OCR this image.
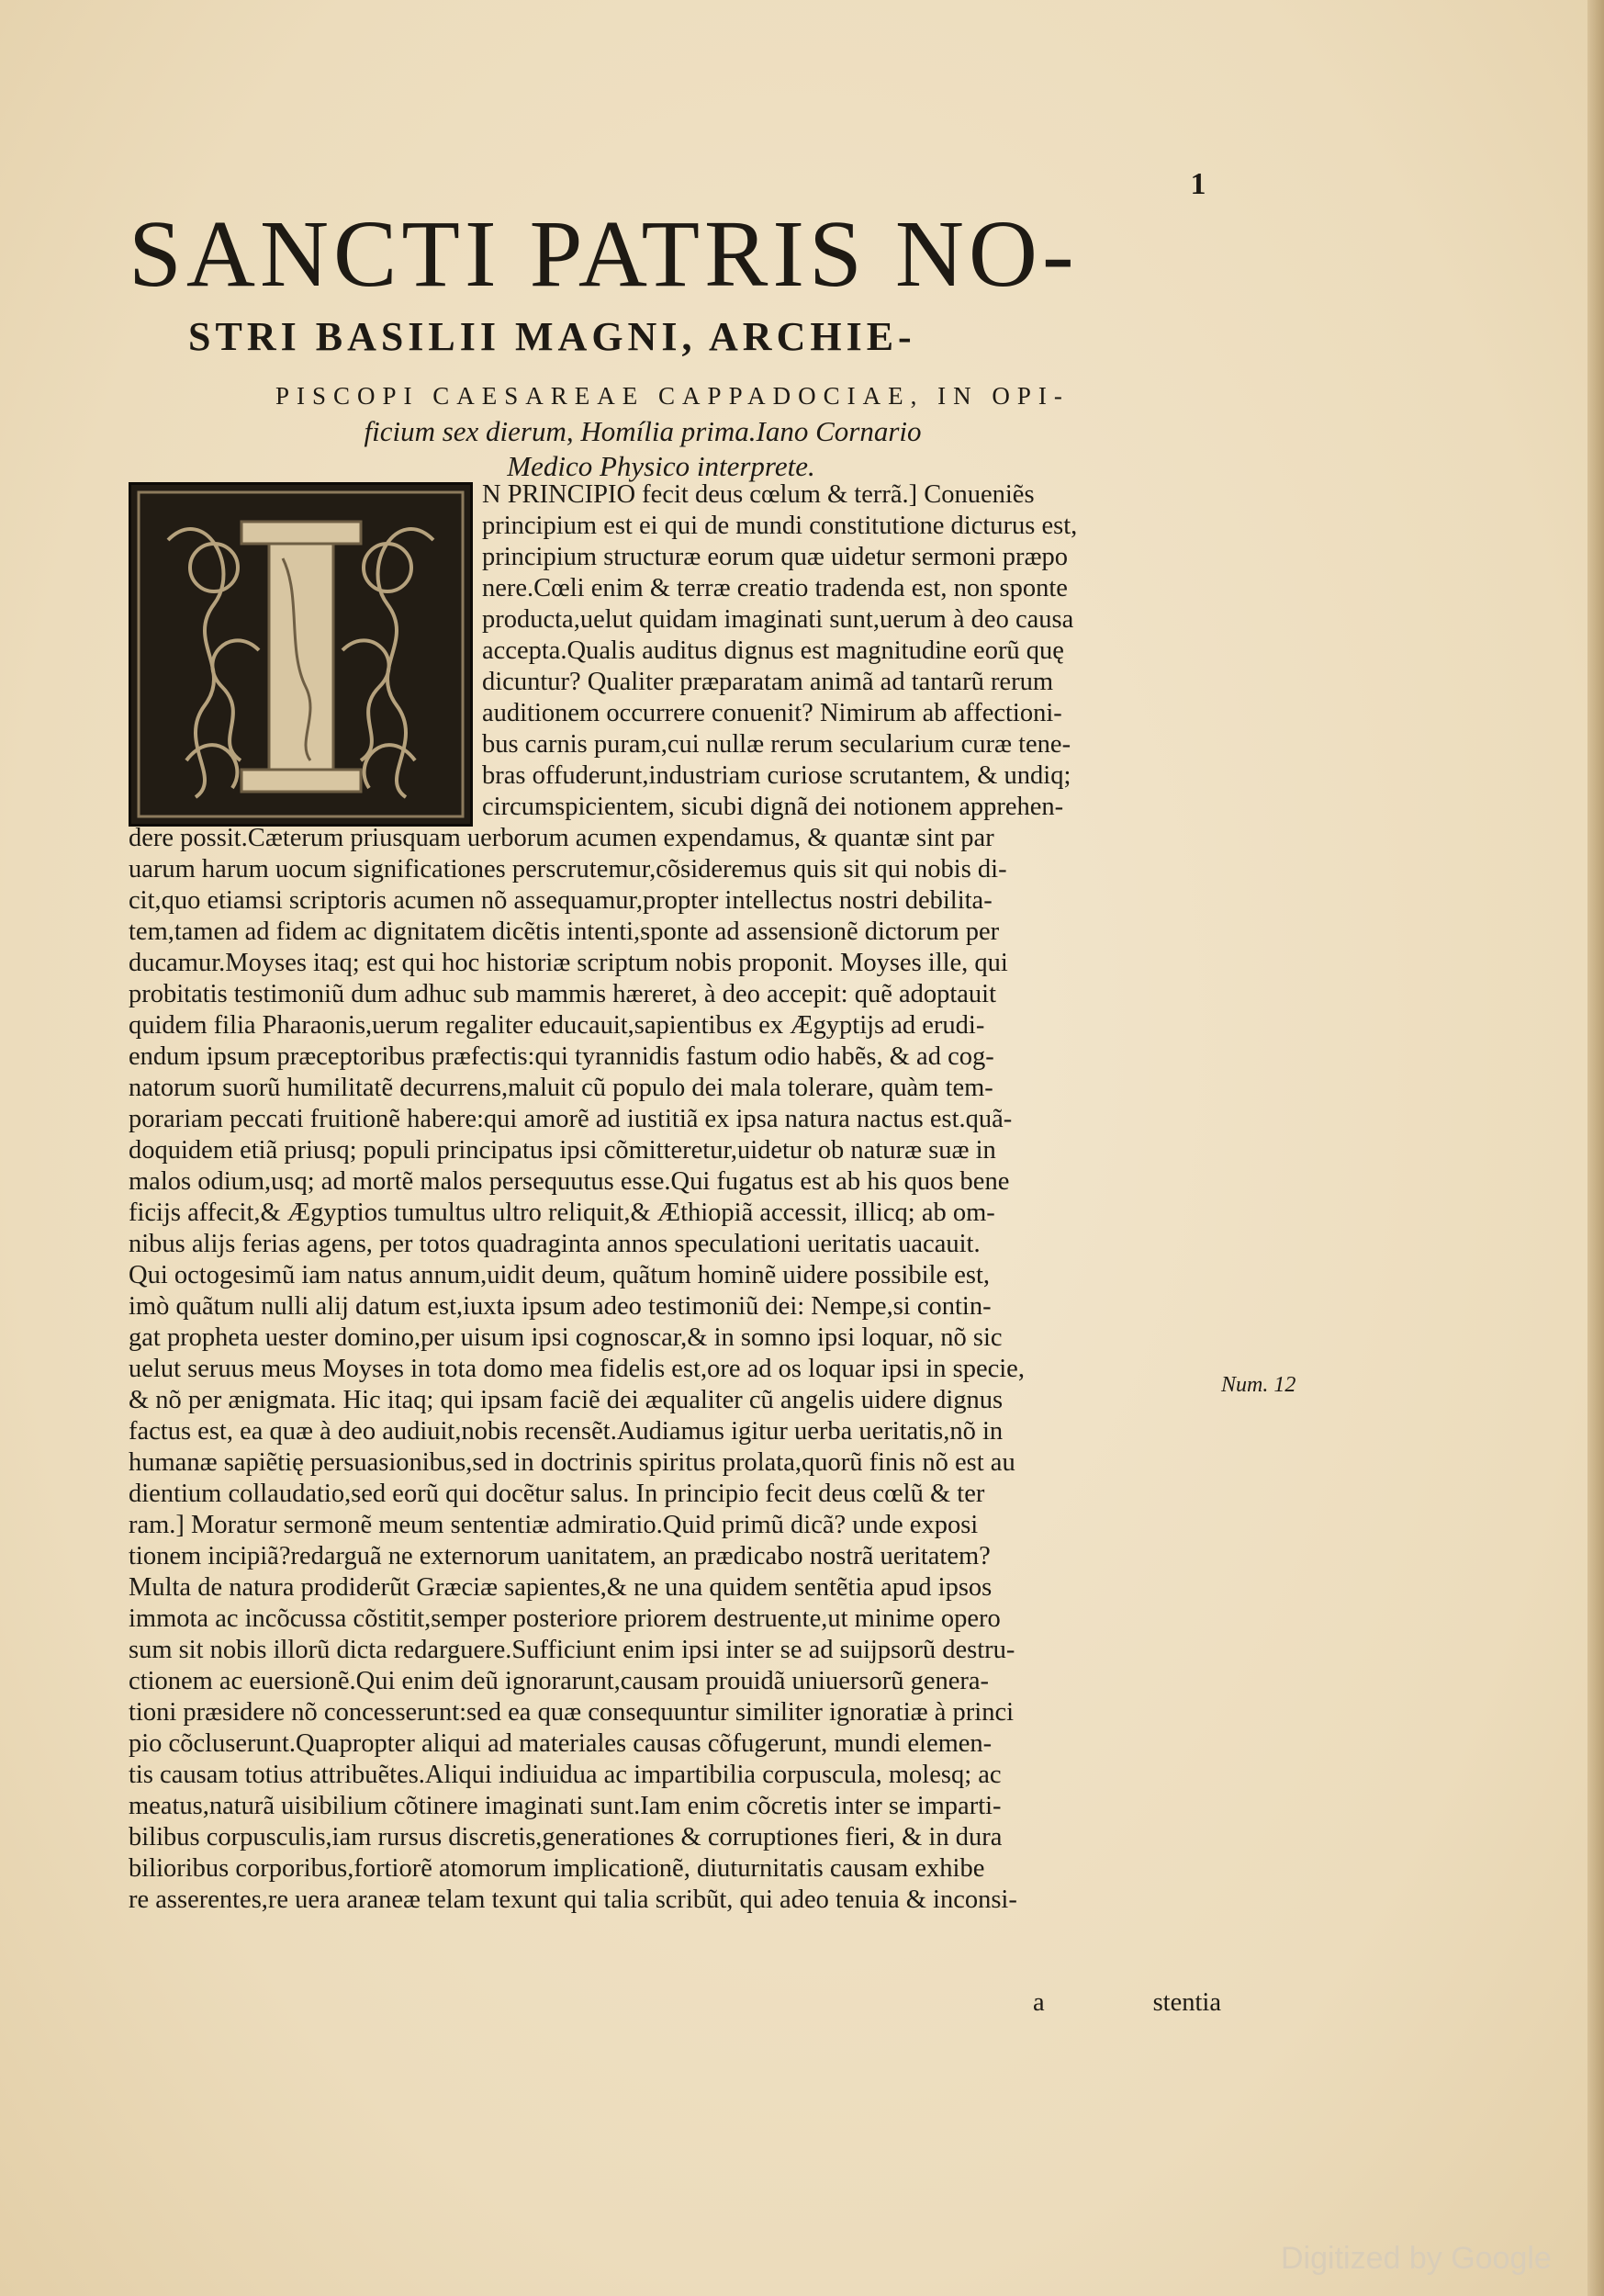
1
SANCTI PATRIS NO-
STRI BASILII MAGNI, ARCHIE-
PISCOPI CAESAREAE CAPPADOCIAE, IN OPI-
ficium sex dierum, Homília prima.Iano Cornario
Medico Physico interprete.
N PRINCIPIO fecit deus cœlum & terrã.] Conueniẽs
principium est ei qui de mundi constitutione dicturus est,
principium structuræ eorum quæ uidetur sermoni præpo
nere.Cœli enim & terræ creatio tradenda est, non sponte
producta,uelut quidam imaginati sunt,uerum à deo causa
accepta.Qualis auditus dignus est magnitudine eorũ quę
dicuntur? Qualiter præparatam animã ad tantarũ rerum
auditionem occurrere conuenit? Nimirum ab affectioni-
bus carnis puram,cui nullæ rerum secularium curæ tene-
bras offuderunt,industriam curiose scrutantem, & undiq;
circumspicientem, sicubi dignã dei notionem apprehen-
dere possit.Cæterum priusquam uerborum acumen expendamus, & quantæ sint par
uarum harum uocum significationes perscrutemur,cõsideremus quis sit qui nobis di-
cit,quo etiamsi scriptoris acumen nõ assequamur,propter intellectus nostri debilita-
tem,tamen ad fidem ac dignitatem dicẽtis intenti,sponte ad assensionẽ dictorum per
ducamur.Moyses itaq; est qui hoc historiæ scriptum nobis proponit. Moyses ille, qui
probitatis testimoniũ dum adhuc sub mammis hæreret, à deo accepit: quẽ adoptauit
quidem filia Pharaonis,uerum regaliter educauit,sapientibus ex Ægyptijs ad erudi-
endum ipsum præceptoribus præfectis:qui tyrannidis fastum odio habẽs, & ad cog-
natorum suorũ humilitatẽ decurrens,maluit cũ populo dei mala tolerare, quàm tem-
porariam peccati fruitionẽ habere:qui amorẽ ad iustitiã ex ipsa natura nactus est.quã-
doquidem etiã priusq; populi principatus ipsi cõmitteretur,uidetur ob naturæ suæ in
malos odium,usq; ad mortẽ malos persequutus esse.Qui fugatus est ab his quos bene
ficijs affecit,& Ægyptios tumultus ultro reliquit,& Æthiopiã accessit, illicq; ab om-
nibus alijs ferias agens, per totos quadraginta annos speculationi ueritatis uacauit.
Qui octogesimũ iam natus annum,uidit deum, quãtum hominẽ uidere possibile est,
imò quãtum nulli alij datum est,iuxta ipsum adeo testimoniũ dei: Nempe,si contin-
gat propheta uester domino,per uisum ipsi cognoscar,& in somno ipsi loquar, nõ sic
uelut seruus meus Moyses in tota domo mea fidelis est,ore ad os loquar ipsi in specie,
& nõ per ænigmata. Hic itaq; qui ipsam faciẽ dei æqualiter cũ angelis uidere dignus
factus est, ea quæ à deo audiuit,nobis recensẽt.Audiamus igitur uerba ueritatis,nõ in
humanæ sapiẽtię persuasionibus,sed in doctrinis spiritus prolata,quorũ finis nõ est au
dientium collaudatio,sed eorũ qui docẽtur salus. In principio fecit deus cœlũ & ter
ram.] Moratur sermonẽ meum sententiæ admiratio.Quid primũ dicã? unde exposi
tionem incipiã?redarguã ne externorum uanitatem, an prædicabo nostrã ueritatem?
Multa de natura prodiderũt Græciæ sapientes,& ne una quidem sentẽtia apud ipsos
immota ac incõcussa cõstitit,semper posteriore priorem destruente,ut minime opero
sum sit nobis illorũ dicta redarguere.Sufficiunt enim ipsi inter se ad suijpsorũ destru-
ctionem ac euersionẽ.Qui enim deũ ignorarunt,causam prouidã uniuersorũ genera-
tioni præsidere nõ concesserunt:sed ea quæ consequuntur similiter ignoratiæ à princi
pio cõcluserunt.Quapropter aliqui ad materiales causas cõfugerunt, mundi elemen-
tis causam totius attribuẽtes.Aliqui indiuidua ac impartibilia corpuscula, molesq; ac
meatus,naturã uisibilium cõtinere imaginati sunt.Iam enim cõcretis inter se imparti-
bilibus corpusculis,iam rursus discretis,generationes & corruptiones fieri, & in dura
bilioribus corporibus,fortiorẽ atomorum implicationẽ, diuturnitatis causam exhibe
re asserentes,re uera araneæ telam texunt qui talia scribũt, qui adeo tenuia & inconsi-
Num. 12
a	stentia
Digitized by Google
